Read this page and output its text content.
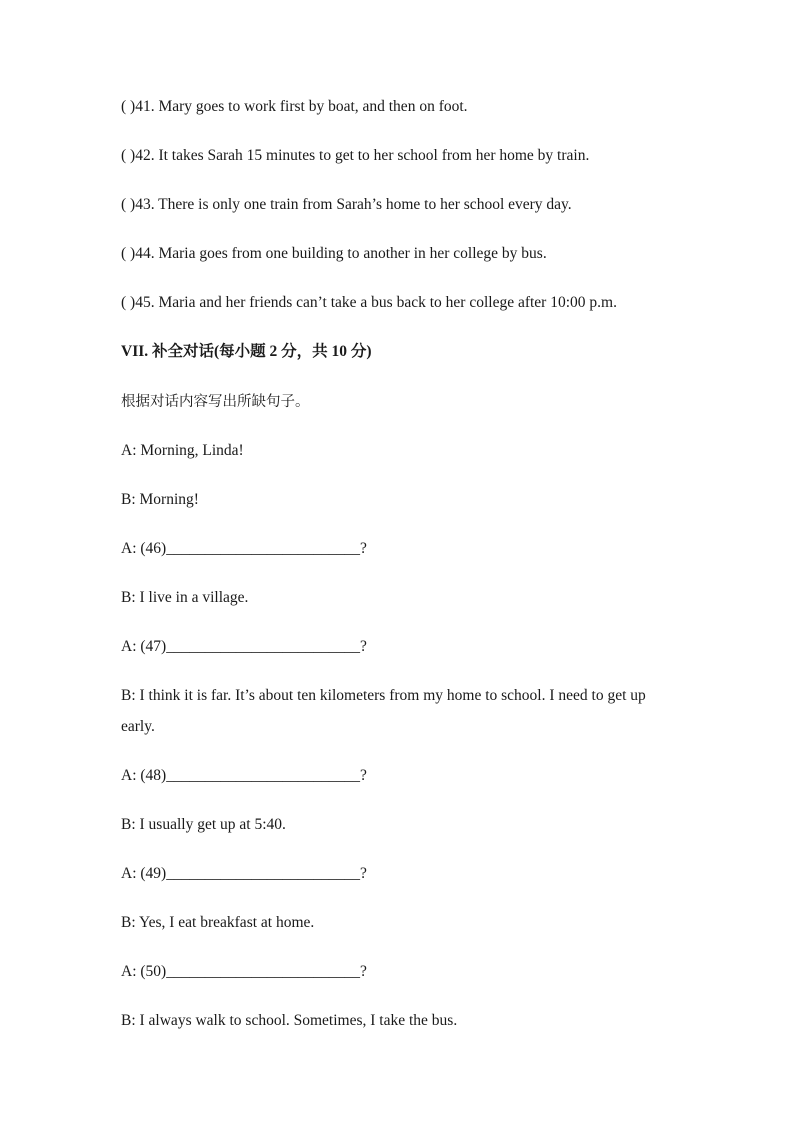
( )41. Mary goes to work first by boat, and then on foot.
( )42. It takes Sarah 15 minutes to get to her school from her home by train.
( )43. There is only one train from Sarah’s home to her school every day.
( )44. Maria goes from one building to another in her college by bus.
( )45. Maria and her friends can’t take a bus back to her college after 10:00 p.m.
VII. 补全对话(每小题 2 分，共 10 分)
根据对话内容写出所缺句子。
A: Morning, Linda!
B: Morning!
A: (46)_________________________?
B: I live in a village.
A: (47)_________________________?
B: I think it is far. It’s about ten kilometers from my home to school. I need to get up
early.
A: (48)_________________________?
B: I usually get up at 5:40.
A: (49)_________________________?
B: Yes, I eat breakfast at home.
A: (50)_________________________?
B: I always walk to school. Sometimes, I take the bus.
